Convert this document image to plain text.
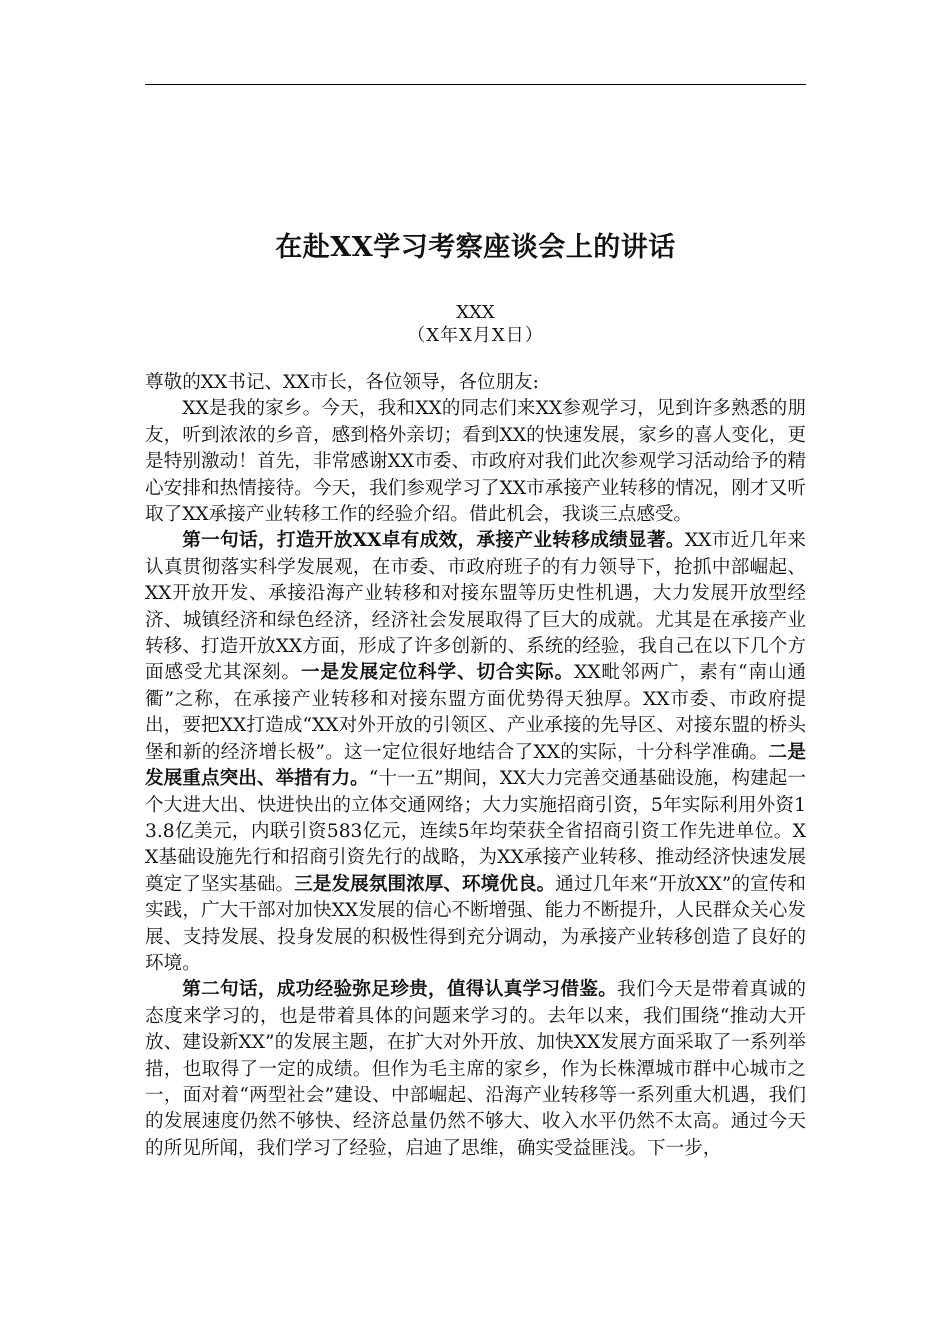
在赴XX学习考察座谈会上的讲话
XXX
（X年X月X日）

尊敬的XX书记、XX市长，各位领导，各位朋友:

XX是我的家乡。今天，我和XX的同志们来XX参观学习，见到许多熟悉的朋友，听到浓浓的乡音，感到格外亲切；看到XX的快速发展，家乡的喜人变化，更是特别激动！首先，非常感谢XX市委、市政府对我们此次参观学习活动给予的精心安排和热情接待。今天，我们参观学习了XX市承接产业转移的情况，刚才又听取了XX承接产业转移工作的经验介绍。借此机会，我谈三点感受。

第一句话，打造开放XX卓有成效，承接产业转移成绩显著。XX市近几年来认真贯彻落实科学发展观，在市委、市政府班子的有力领导下，抢抓中部崛起、XX开放开发、承接沿海产业转移和对接东盟等历史性机遇，大力发展开放型经济、城镇经济和绿色经济，经济社会发展取得了巨大的成就。尤其是在承接产业转移、打造开放XX方面，形成了许多创新的、系统的经验，我自己在以下几个方面感受尤其深刻。一是发展定位科学、切合实际。XX毗邻两广，素有“南山通衢”之称，在承接产业转移和对接东盟方面优势得天独厚。XX市委、市政府提出，要把XX打造成“XX对外开放的引领区、产业承接的先导区、对接东盟的桥头堡和新的经济增长极”。这一定位很好地结合了XX的实际，十分科学准确。二是发展重点突出、举措有力。“十一五”期间，XX大力完善交通基础设施，构建起一个大进大出、快进快出的立体交通网络；大力实施招商引资，5年实际利用外资13.8亿美元，内联引资583亿元，连续5年均荣获全省招商引资工作先进单位。XX基础设施先行和招商引资先行的战略，为XX承接产业转移、推动经济快速发展奠定了坚实基础。三是发展氛围浓厚、环境优良。通过几年来“开放XX”的宣传和实践，广大干部对加快XX发展的信心不断增强、能力不断提升，人民群众关心发展、支持发展、投身发展的积极性得到充分调动，为承接产业转移创造了良好的环境。

第二句话，成功经验弥足珍贵，值得认真学习借鉴。我们今天是带着真诚的态度来学习的，也是带着具体的问题来学习的。去年以来，我们围绕“推动大开放、建设新XX”的发展主题，在扩大对外开放、加快XX发展方面采取了一系列举措，也取得了一定的成绩。但作为毛主席的家乡，作为长株潭城市群中心城市之一，面对着“两型社会”建设、中部崛起、沿海产业转移等一系列重大机遇，我们的发展速度仍然不够快、经济总量仍然不够大、收入水平仍然不太高。通过今天的所见所闻，我们学习了经验，启迪了思维，确实受益匪浅。下一步，
